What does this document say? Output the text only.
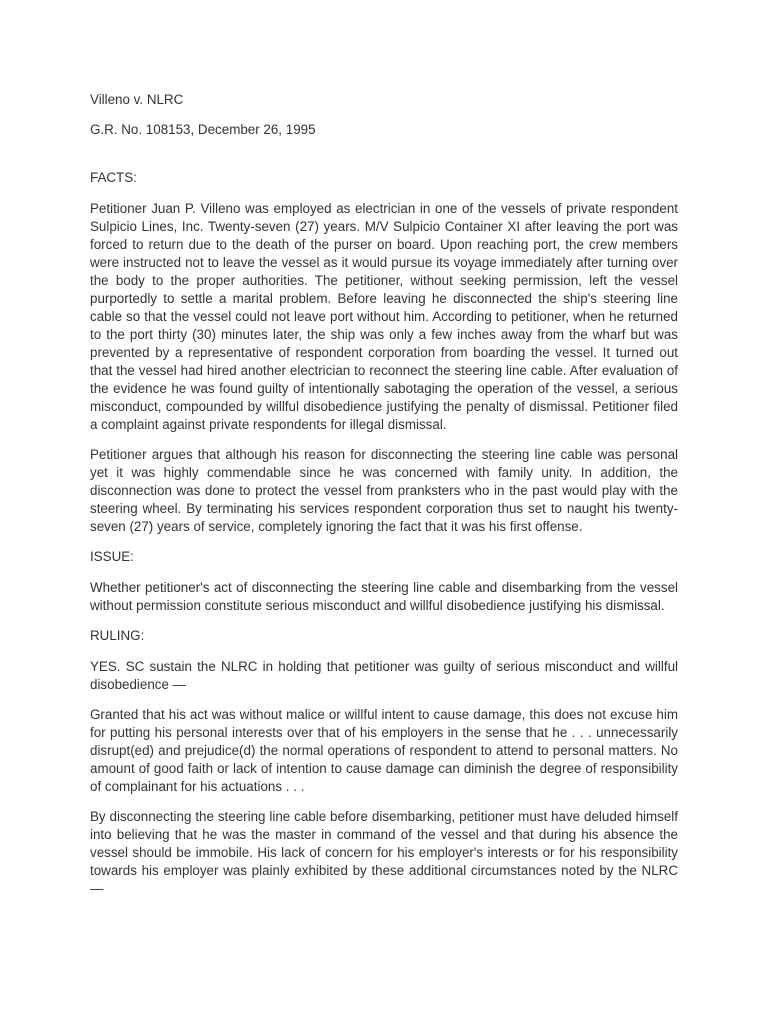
Villeno v. NLRC

G.R. No. 108153, December 26, 1995

FACTS:

Petitioner Juan P. Villeno was employed as electrician in one of the vessels of private respondent Sulpicio Lines, Inc. Twenty-seven (27) years. M/V Sulpicio Container XI after leaving the port was forced to return due to the death of the purser on board. Upon reaching port, the crew members were instructed not to leave the vessel as it would pursue its voyage immediately after turning over the body to the proper authorities. The petitioner, without seeking permission, left the vessel purportedly to settle a marital problem. Before leaving he disconnected the ship's steering line cable so that the vessel could not leave port without him. According to petitioner, when he returned to the port thirty (30) minutes later, the ship was only a few inches away from the wharf but was prevented by a representative of respondent corporation from boarding the vessel. It turned out that the vessel had hired another electrician to reconnect the steering line cable. After evaluation of the evidence he was found guilty of intentionally sabotaging the operation of the vessel, a serious misconduct, compounded by willful disobedience justifying the penalty of dismissal. Petitioner filed a complaint against private respondents for illegal dismissal.

Petitioner argues that although his reason for disconnecting the steering line cable was personal yet it was highly commendable since he was concerned with family unity. In addition, the disconnection was done to protect the vessel from pranksters who in the past would play with the steering wheel. By terminating his services respondent corporation thus set to naught his twenty-seven (27) years of service, completely ignoring the fact that it was his first offense.

ISSUE:

Whether petitioner's act of disconnecting the steering line cable and disembarking from the vessel without permission constitute serious misconduct and willful disobedience justifying his dismissal.

RULING:

YES. SC sustain the NLRC in holding that petitioner was guilty of serious misconduct and willful disobedience —

Granted that his act was without malice or willful intent to cause damage, this does not excuse him for putting his personal interests over that of his employers in the sense that he . . . unnecessarily disrupt(ed) and prejudice(d) the normal operations of respondent to attend to personal matters. No amount of good faith or lack of intention to cause damage can diminish the degree of responsibility of complainant for his actuations . . .

By disconnecting the steering line cable before disembarking, petitioner must have deluded himself into believing that he was the master in command of the vessel and that during his absence the vessel should be immobile. His lack of concern for his employer's interests or for his responsibility towards his employer was plainly exhibited by these additional circumstances noted by the NLRC —
